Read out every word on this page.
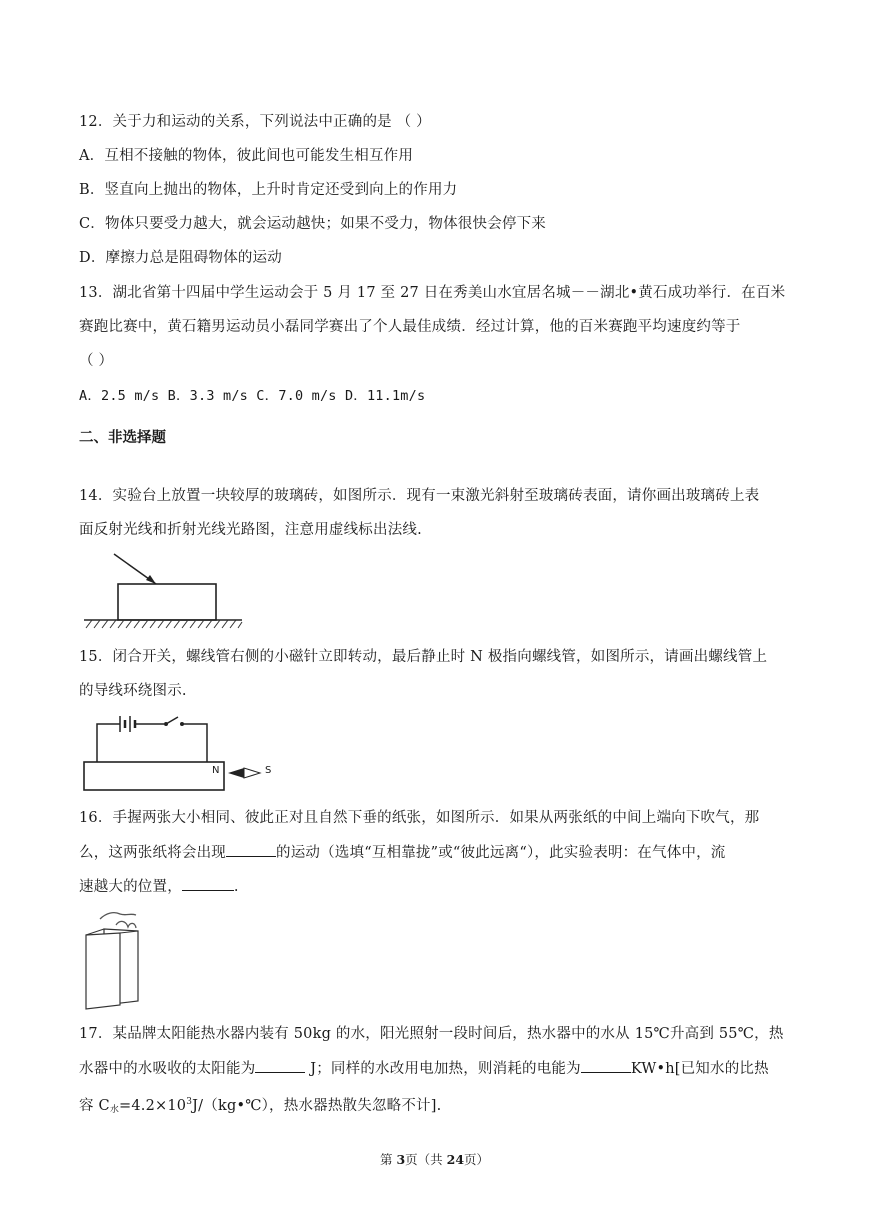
12．关于力和运动的关系，下列说法中正确的是 （ ）
A．互相不接触的物体，彼此间也可能发生相互作用
B．竖直向上抛出的物体，上升时肯定还受到向上的作用力
C．物体只要受力越大，就会运动越快；如果不受力，物体很快会停下来
D．摩擦力总是阻碍物体的运动
13．湖北省第十四届中学生运动会于 5 月 17 至 27 日在秀美山水宜居名城－－湖北•黄石成功举行．在百米
赛跑比赛中，黄石籍男运动员小磊同学赛出了个人最佳成绩．经过计算，他的百米赛跑平均速度约等于
（ ）
A．2.5 m/s B．3.3 m/s C．7.0 m/s D．11.1m/s
二、非选择题
14．实验台上放置一块较厚的玻璃砖，如图所示．现有一束激光斜射至玻璃砖表面，请你画出玻璃砖上表
面反射光线和折射光线光路图，注意用虚线标出法线.
15．闭合开关，螺线管右侧的小磁针立即转动，最后静止时 N 极指向螺线管，如图所示，请画出螺线管上
的导线环绕图示.
N	S
16．手握两张大小相同、彼此正对且自然下垂的纸张，如图所示．如果从两张纸的中间上端向下吹气，那
么，这两张纸将会出现	的运动（选填“互相靠拢”或“彼此远离“），此实验表明：在气体中，流
速越大的位置，	.
17．某品牌太阳能热水器内装有 50kg 的水，阳光照射一段时间后，热水器中的水从 15℃升高到 55℃，热
水器中的水吸收的太阳能为	J；同样的水改用电加热，则消耗的电能为	KW•h[已知水的比热
容 $C_水=4.2\times 10^3J/(kg•℃)$，热水器热散失忽略不计].
第 3页（共 24页）
